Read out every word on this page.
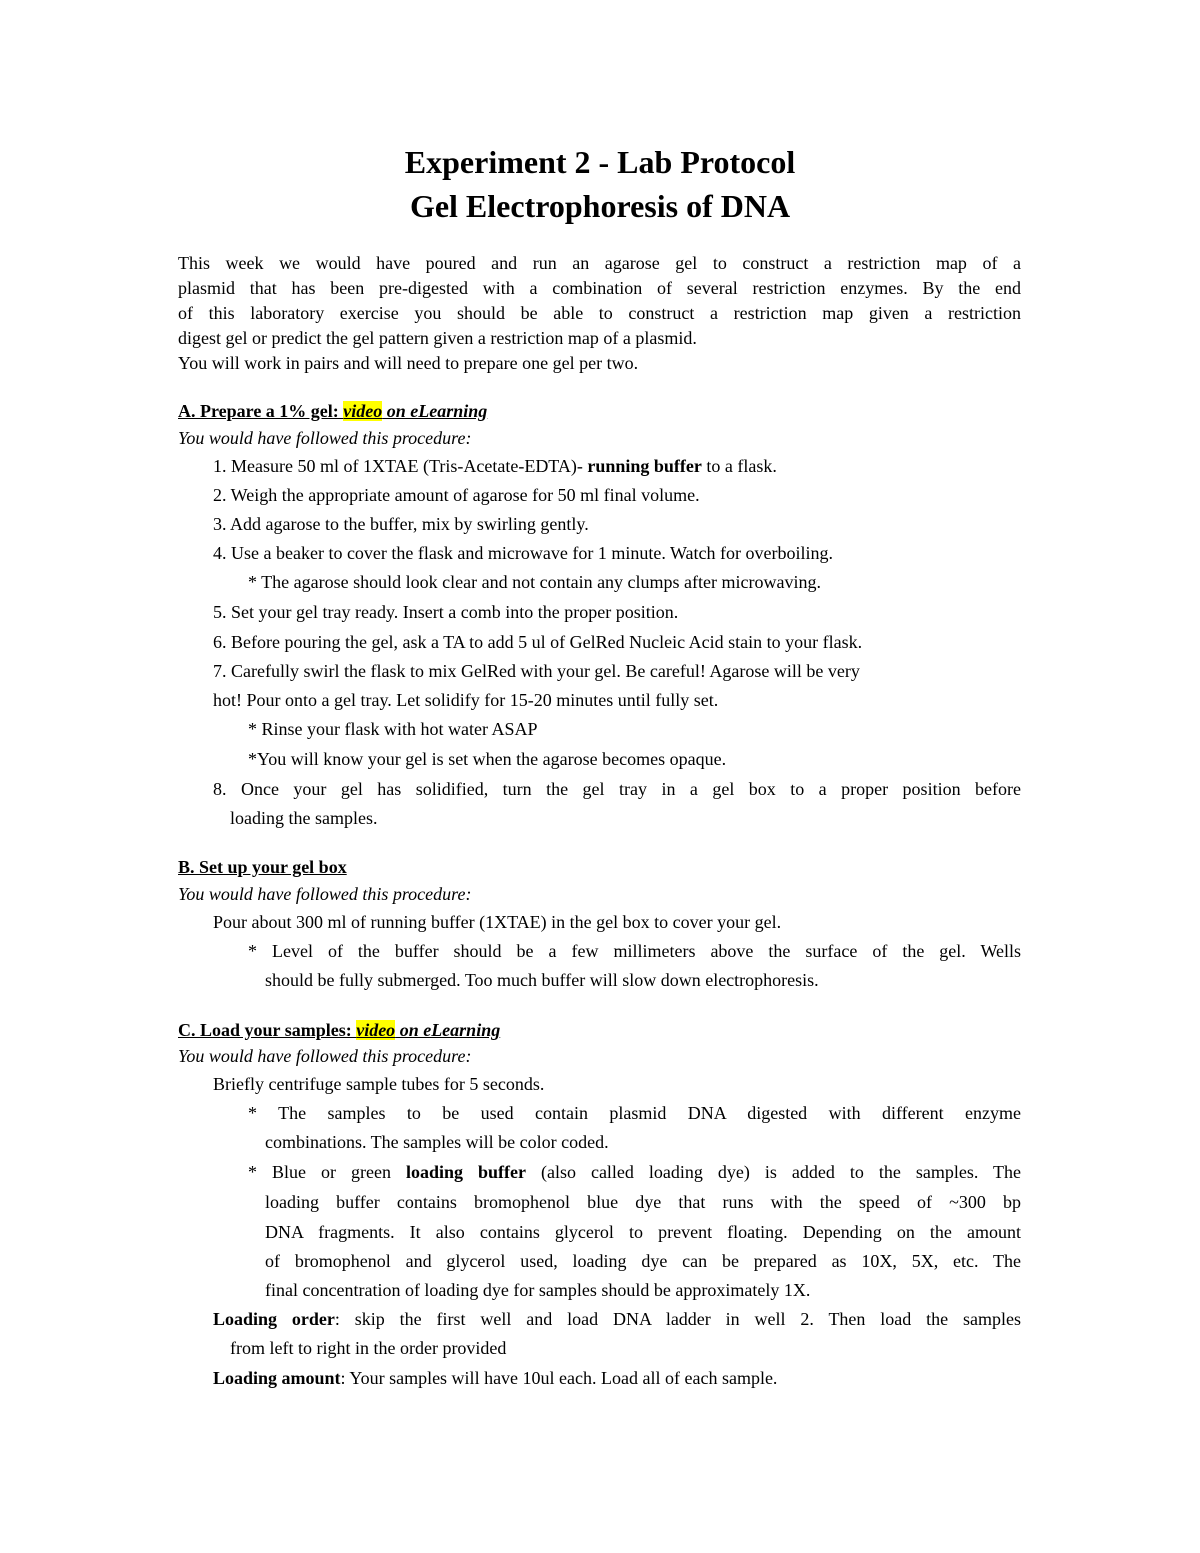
Experiment 2 - Lab Protocol
Gel Electrophoresis of DNA
This week we would have poured and run an agarose gel to construct a restriction map of a
plasmid that has been pre-digested with a combination of several restriction enzymes. By the end
of this laboratory exercise you should be able to construct a restriction map given a restriction
digest gel or predict the gel pattern given a restriction map of a plasmid.
You will work in pairs and will need to prepare one gel per two.
A. Prepare a 1% gel: video on eLearning
You would have followed this procedure:
1. Measure 50 ml of 1XTAE (Tris-Acetate-EDTA)- running buffer to a flask.
2. Weigh the appropriate amount of agarose for 50 ml final volume.
3. Add agarose to the buffer, mix by swirling gently.
4. Use a beaker to cover the flask and microwave for 1 minute. Watch for overboiling.
* The agarose should look clear and not contain any clumps after microwaving.
5. Set your gel tray ready. Insert a comb into the proper position.
6. Before pouring the gel, ask a TA to add 5 ul of GelRed Nucleic Acid stain to your flask.
7. Carefully swirl the flask to mix GelRed with your gel. Be careful! Agarose will be very
hot! Pour onto a gel tray. Let solidify for 15-20 minutes until fully set.
* Rinse your flask with hot water ASAP
*You will know your gel is set when the agarose becomes opaque.
8. Once your gel has solidified, turn the gel tray in a gel box to a proper position before
loading the samples.
B. Set up your gel box
You would have followed this procedure:
Pour about 300 ml of running buffer (1XTAE) in the gel box to cover your gel.
* Level of the buffer should be a few millimeters above the surface of the gel. Wells
should be fully submerged. Too much buffer will slow down electrophoresis.
C. Load your samples: video on eLearning
You would have followed this procedure:
Briefly centrifuge sample tubes for 5 seconds.
* The samples to be used contain plasmid DNA digested with different enzyme
combinations. The samples will be color coded.
* Blue or green loading buffer (also called loading dye) is added to the samples. The
loading buffer contains bromophenol blue dye that runs with the speed of ~300 bp
DNA fragments. It also contains glycerol to prevent floating. Depending on the amount
of bromophenol and glycerol used, loading dye can be prepared as 10X, 5X, etc. The
final concentration of loading dye for samples should be approximately 1X.
Loading order: skip the first well and load DNA ladder in well 2. Then load the samples
from left to right in the order provided
Loading amount: Your samples will have 10ul each. Load all of each sample.
